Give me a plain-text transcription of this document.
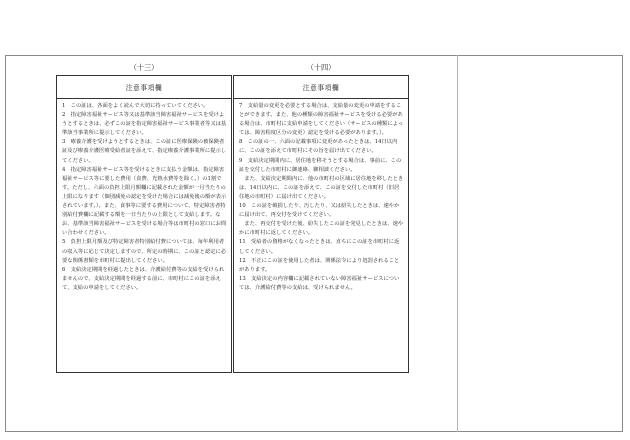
（十三）
注意事項欄

1　この証は、各面をよく読んで大切に持っていてください。

2　指定障害福祉サービス等又は基準該当障害福祉サービスを受けようとするときは、必ずこの証を指定障害福祉サービス事業者等又は基準該当事業所に提示してください。

3　療養介護を受けようとするときは、この証に医療保険の被保険者証及び療養介護医療受給者証を添えて、指定療養介護事業所に提示してください。

4　指定障害福祉サービス等を受けるときに支払う金額は、指定障害福祉サービス等に要した費用（食費、光熱水費等を除く。）の1割です。ただし、六面の負担上限月額欄に記載された金額が一月当たりの上限になります（個別減免の認定を受けた場合には減免後の額が表示されています。）。また、食事等に要する費用について、特定障害者特別給付費欄に記載する額を一日当たりの上限として支給します。なお、基準該当障害福祉サービスを受ける場合等は市町村の窓口にお問い合わせください。

5　負担上限月額及び特定障害者特別給付費については、毎年利用者の収入等に応じて決定しますので、所定の時期に、この証と認定に必要な関係書類を市町村に提出してください。

6　支給決定期間を経過したときは、介護給付費等の支給を受けられませんので、支給決定期間を経過する前に、市町村にこの証を添えて、支給の申請をしてください。

（十四）
注意事項欄

7　支給量の変更を必要とする場合は、支給量の変更の申請をすることができます。また、他の種類の障害福祉サービスを受ける必要がある場合は、市町村に支給申請をしてください（サービスの種類によっては、障害程度区分の変更）認定を受ける必要があります。）。

8　この証の一、六面の記載事項に変更があったときは、14日以内に、この証を添えて市町村にその旨を届け出てください。

9　支給決定期間内に、居住地を移そうとする場合は、事前に、この証を交付した市町村に御連絡、御相談ください。

また、支給決定期間内に、他の市町村の区域に居住地を移したときは、14日以内に、この証を添えて、この証を交付した市町村（旧居住地の市町村）に届け出てください。

10　この証を破損したり、汚したり、又は紛失したときは、速やかに届け出て、再交付を受けてください。

また、再交付を受けた後、紛失したこの証を発見したときは、速やかに市町村に返してください。

11　受給者の資格がなくなったときは、直ちにこの証を市町村に返してください。

12　不正にこの証を使用した者は、関係法令により処罰されることがあります。

13　支給決定の内容欄に記載されていない障害福祉サービスについては、介護給付費等の支給は、受けられません。
